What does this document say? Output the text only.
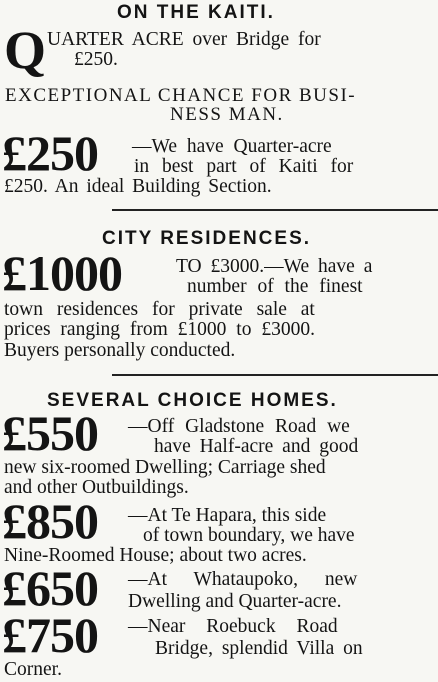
ON THE KAITI.
Q UARTER ACRE over Bridge for
£250.
EXCEPTIONAL CHANCE FOR BUSI-
NESS MAN.
£250 —We have Quarter-acre
in best part of Kaiti for
£250. An ideal Building Section.
CITY RESIDENCES.
£1000	TO £3000.—We have a
number of the finest
town residences for private sale at
prices ranging from £1000 to £3000.
Buyers personally conducted.
SEVERAL CHOICE HOMES.
£550 —Off Gladstone Road we
have Half-acre and good
new six-roomed Dwelling; Carriage shed
and other Outbuildings.
£850 —At Te Hapara, this side
of town boundary, we have
Nine-Roomed House; about two acres.
£650 —At Whataupoko, new
Dwelling and Quarter-acre.
£750 —Near Roebuck Road
Bridge, splendid Villa on
Corner.
